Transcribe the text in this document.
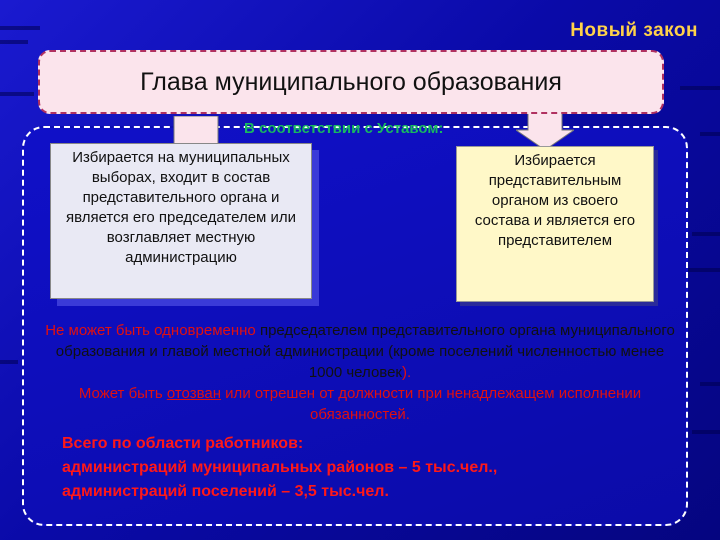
Новый закон
Глава муниципального образования
В соответствии с Уставом:
Избирается на муниципальных выборах, входит в состав представительного органа и является его председателем или возглавляет местную администрацию
Избирается представительным органом из своего состава и является его представителем
Не может быть одновременно председателем представительного органа муниципального образования и главой местной администрации (кроме поселений численностью менее 1000 человек).
Может быть отозван или отрешен от должности при ненадлежащем исполнении обязанностей.
Всего по области работников:
администраций муниципальных районов – 5 тыс.чел.,
администраций поселений – 3,5 тыс.чел.
